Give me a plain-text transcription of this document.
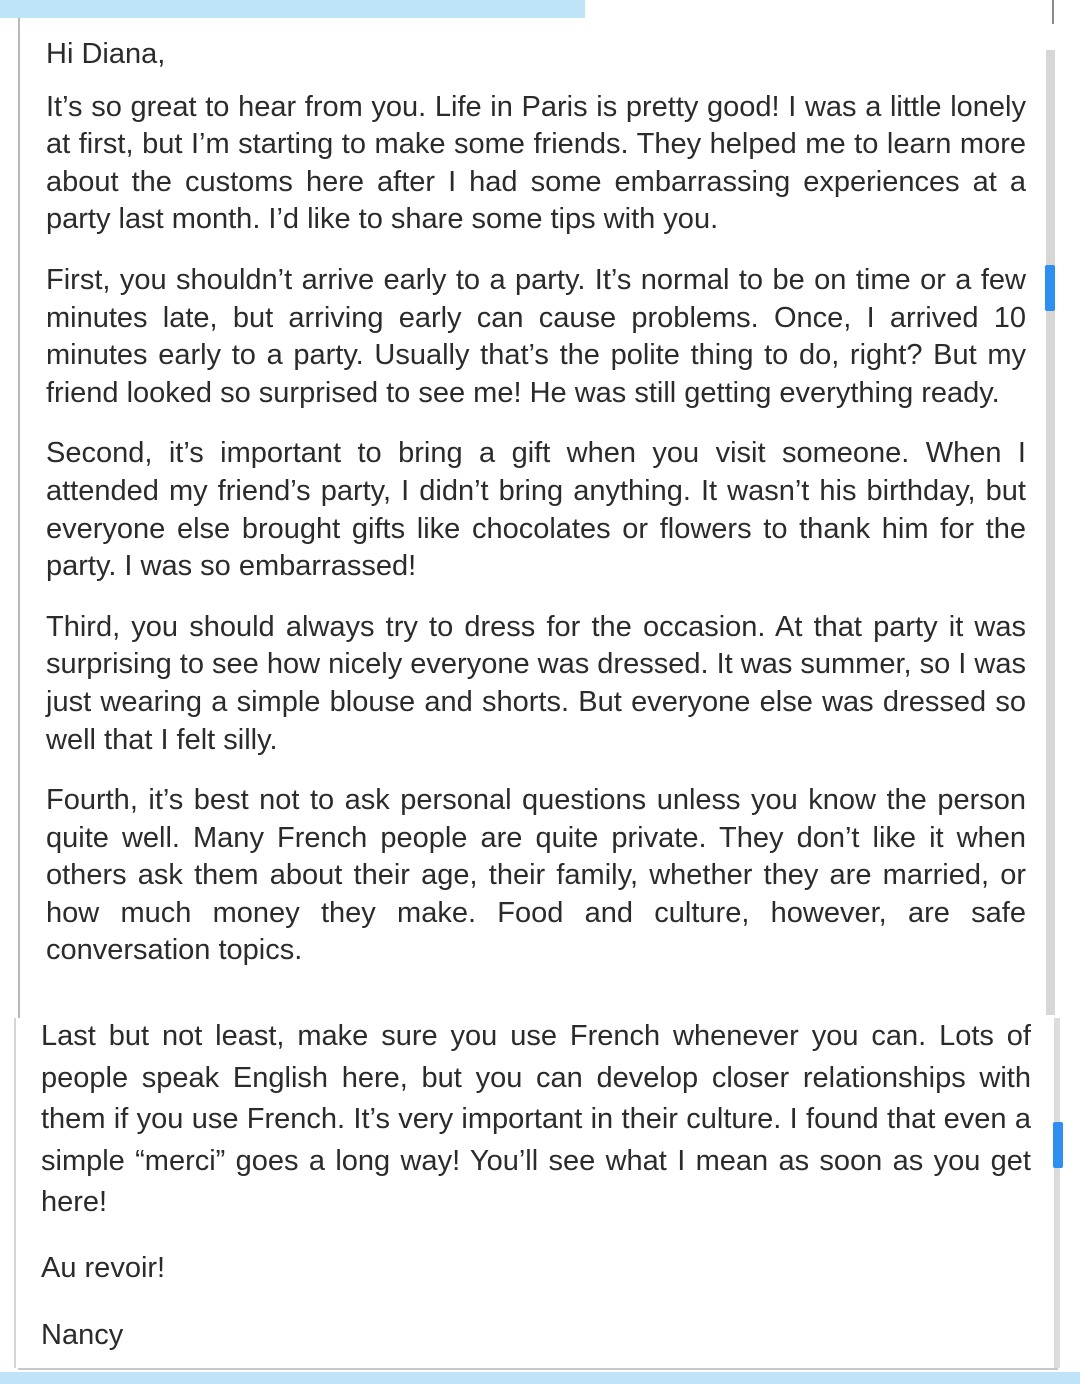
Hi Diana,

It’s so great to hear from you. Life in Paris is pretty good! I was a little lonely at first, but I’m starting to make some friends. They helped me to learn more about the customs here after I had some embarrassing experiences at a party last month. I’d like to share some tips with you.

First, you shouldn’t arrive early to a party. It’s normal to be on time or a few minutes late, but arriving early can cause problems. Once, I arrived 10 minutes early to a party. Usually that’s the polite thing to do, right? But my friend looked so surprised to see me! He was still getting everything ready.

Second, it’s important to bring a gift when you visit someone. When I attended my friend’s party, I didn’t bring anything. It wasn’t his birthday, but everyone else brought gifts like chocolates or flowers to thank him for the party. I was so embarrassed!

Third, you should always try to dress for the occasion. At that party it was surprising to see how nicely everyone was dressed. It was summer, so I was just wearing a simple blouse and shorts. But everyone else was dressed so well that I felt silly.

Fourth, it’s best not to ask personal questions unless you know the person quite well. Many French people are quite private. They don’t like it when others ask them about their age, their family, whether they are married, or how much money they make. Food and culture, however, are safe conversation topics.

Last but not least, make sure you use French whenever you can. Lots of people speak English here, but you can develop closer relationships with them if you use French. It’s very important in their culture. I found that even a simple “merci” goes a long way! You’ll see what I mean as soon as you get here!

Au revoir!

Nancy
